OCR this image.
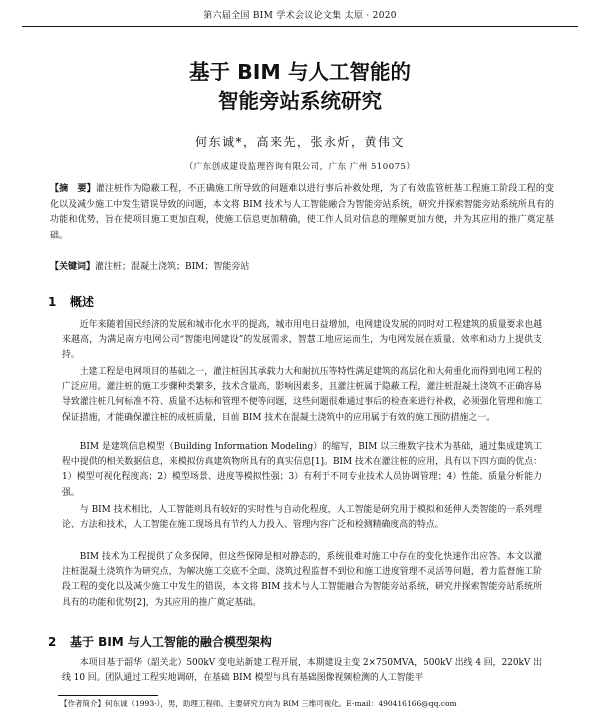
第六届全国 BIM 学术会议论文集 太原 · 2020
基于 BIM 与人工智能的
智能旁站系统研究
何东诚*，高来先，张永炘，黄伟文
（广东创成建设监理咨询有限公司，广东 广州 510075）
【摘　要】灌注桩作为隐蔽工程，不正确施工所导致的问题难以进行事后补救处理，为了有效监管桩基工程施工阶段工程的变化以及减少施工中发生错误导致的问题，本文将 BIM 技术与人工智能融合为智能旁站系统，研究并探索智能旁站系统所具有的功能和优势，旨在使项目施工更加直观，使施工信息更加精确，使工作人员对信息的理解更加方便，并为其应用的推广奠定基础。
【关键词】灌注桩；混凝土浇筑；BIM；智能旁站
1 概述
近年来随着国民经济的发展和城市化水平的提高，城市用电日益增加，电网建设发展的同时对工程建筑的质量要求也越来越高，为满足南方电网公司“智能电网建设”的发展需求，智慧工地应运而生，为电网发展在质量、效率和动力上提供支持。
土建工程是电网项目的基础之一，灌注桩因其承载力大和耐抗压等特性满足建筑的高层化和大荷重化而得到电网工程的广泛应用。灌注桩的施工步骤种类繁多，技术含量高，影响因素多，且灌注桩属于隐蔽工程，灌注桩混凝土浇筑不正确容易导致灌注桩几何标准不符、质量不达标和管理不便等问题，这些问题很难通过事后的检查来进行补救，必须强化管理和施工保证措施，才能确保灌注桩的成桩质量，目前 BIM 技术在混凝土浇筑中的应用属于有效的施工预防措施之一。
BIM 是建筑信息模型（Building Information Modeling）的缩写，BIM 以三维数字技术为基础，通过集成建筑工程中提供的相关数据信息，来模拟仿真建筑物所具有的真实信息[1]。BIM 技术在灌注桩的应用，具有以下四方面的优点：1）模型可视化程度高；2）模型场景、进度等模拟性强；3）有利于不同专业技术人员协调管理；4）性能、质量分析能力强。
与 BIM 技术相比，人工智能则具有较好的实时性与自动化程度，人工智能是研究用于模拟和延伸人类智能的一系列理论、方法和技术，人工智能在施工现场具有节约人力投入、管理内容广泛和检测精确度高的特点。
BIM 技术为工程提供了众多保障，但这些保障是相对静态的，系统很难对施工中存在的变化快速作出应答。本文以灌注桩混凝土浇筑作为研究点，为解决施工交底不全面、浇筑过程监督不到位和施工进度管理不灵活等问题，着力监督施工阶段工程的变化以及减少施工中发生的错误，本文将 BIM 技术与人工智能融合为智能旁站系统，研究并探索智能旁站系统所具有的功能和优势[2]，为其应用的推广奠定基础。
2 基于 BIM 与人工智能的融合模型架构
本项目基于韶华（韶关北）500kV 变电站新建工程开展，本期建设主变 2×750MVA，500kV 出线 4 回，220kV 出线 10 回。团队通过工程实地调研，在基础 BIM 模型与具有基础图像视频检测的人工智能平
【作者简介】何东诚（1993-），男，助理工程师。主要研究方向为 BIM 三维可视化。E-mail：490416166@qq.com
